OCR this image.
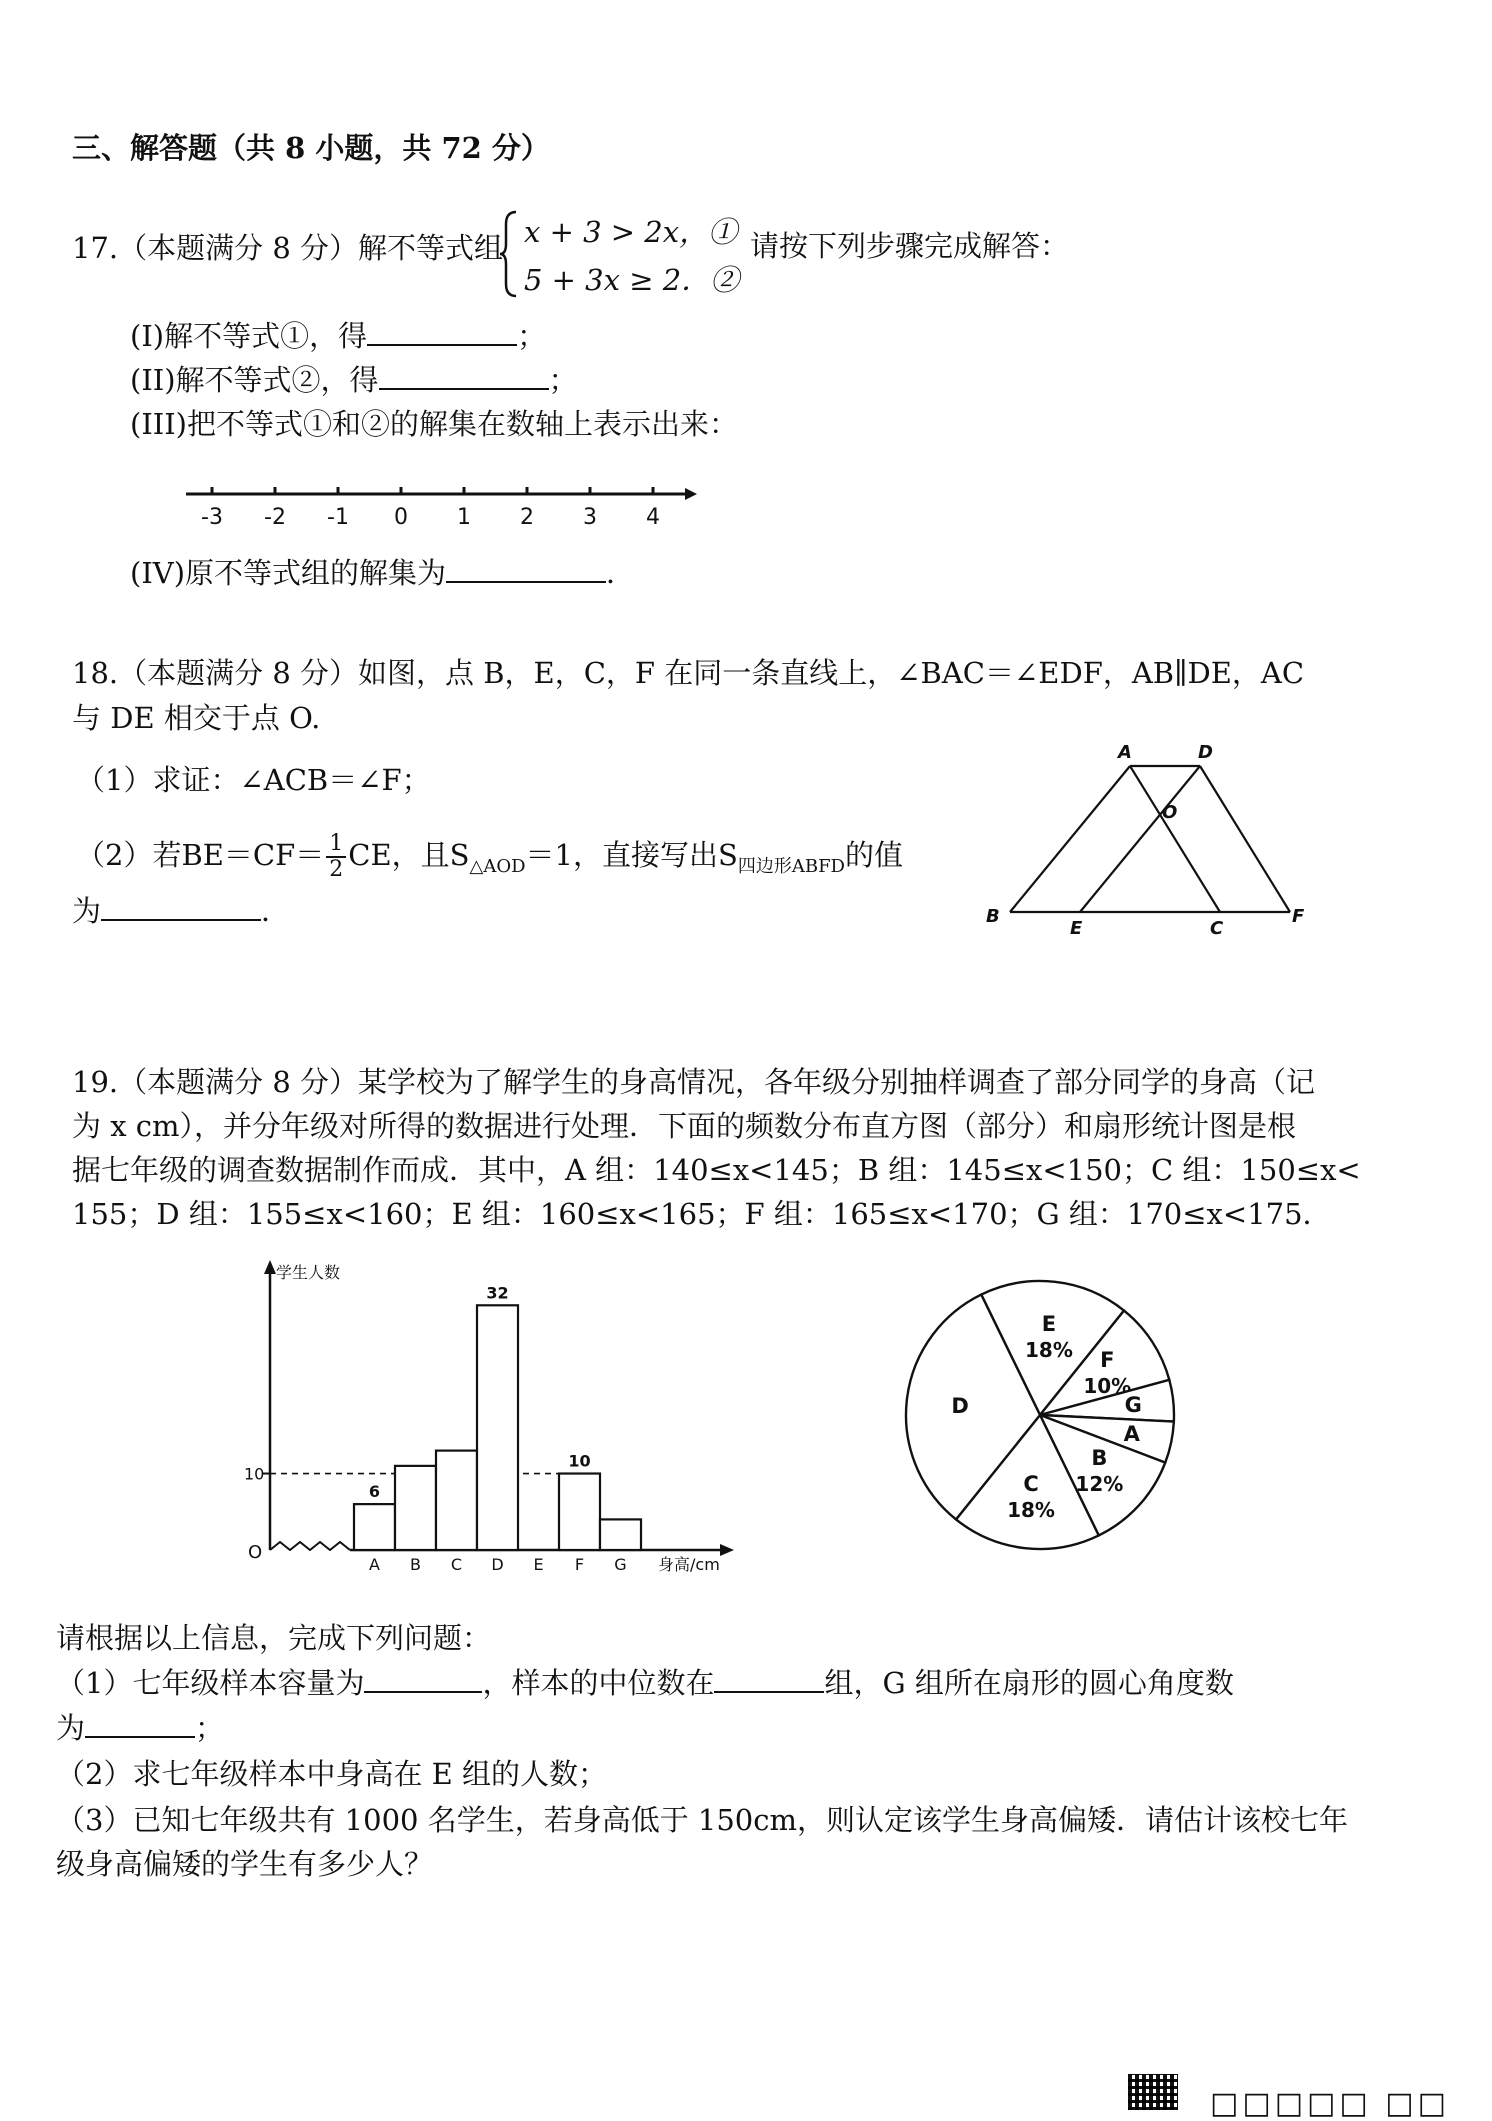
三、解答题（共 8 小题，共 72 分）
17.（本题满分 8 分）解不等式组 x + 3 > 2x，①
5 + 3x ≥ 2．②
请按下列步骤完成解答：
(I)解不等式①，得	；
(II)解不等式②，得	；
(III)把不等式①和②的解集在数轴上表示出来：
-3 -2 -1 0 1 2 3 4
(IV)原不等式组的解集为	．
18.（本题满分 8 分）如图，点 B，E，C，F 在同一条直线上，∠BAC＝∠EDF，AB∥DE，AC
与 DE 相交于点 O.
（1）求证：∠ACB＝∠F；
（2）若$BE=CF= \frac{1}{2}$ CE，且$S_{\triangle AOD}=1$，直接写出$S_{四边形ABFD}$的值
为	．
A	D
O
B
E	C
F
19.（本题满分 8 分）某学校为了解学生的身高情况，各年级分别抽样调查了部分同学的身高（记
为 x cm），并分年级对所得的数据进行处理．下面的频数分布直方图（部分）和扇形统计图是根
据七年级的调查数据制作而成．其中，A 组：140≤x<145；B 组：145≤x<150；C 组：150≤x<
155；D 组：155≤x<160；E 组：160≤x<165；F 组：165≤x<170；G 组：170≤x<175．
学生人数
身高/cm
O
10
A
6
B C D
32
E F
10
G
E
18% F
10%
G
A
B
12%
C
18%
D
请根据以上信息，完成下列问题：
（1）七年级样本容量为	，样本的中位数在	组，G 组所在扇形的圆心角度数
为	；
（2）求七年级样本中身高在 E 组的人数；
（3）已知七年级共有 1000 名学生，若身高低于 150cm，则认定该学生身高偏矮．请估计该校七年
级身高偏矮的学生有多少人？
□□□□□ □□
